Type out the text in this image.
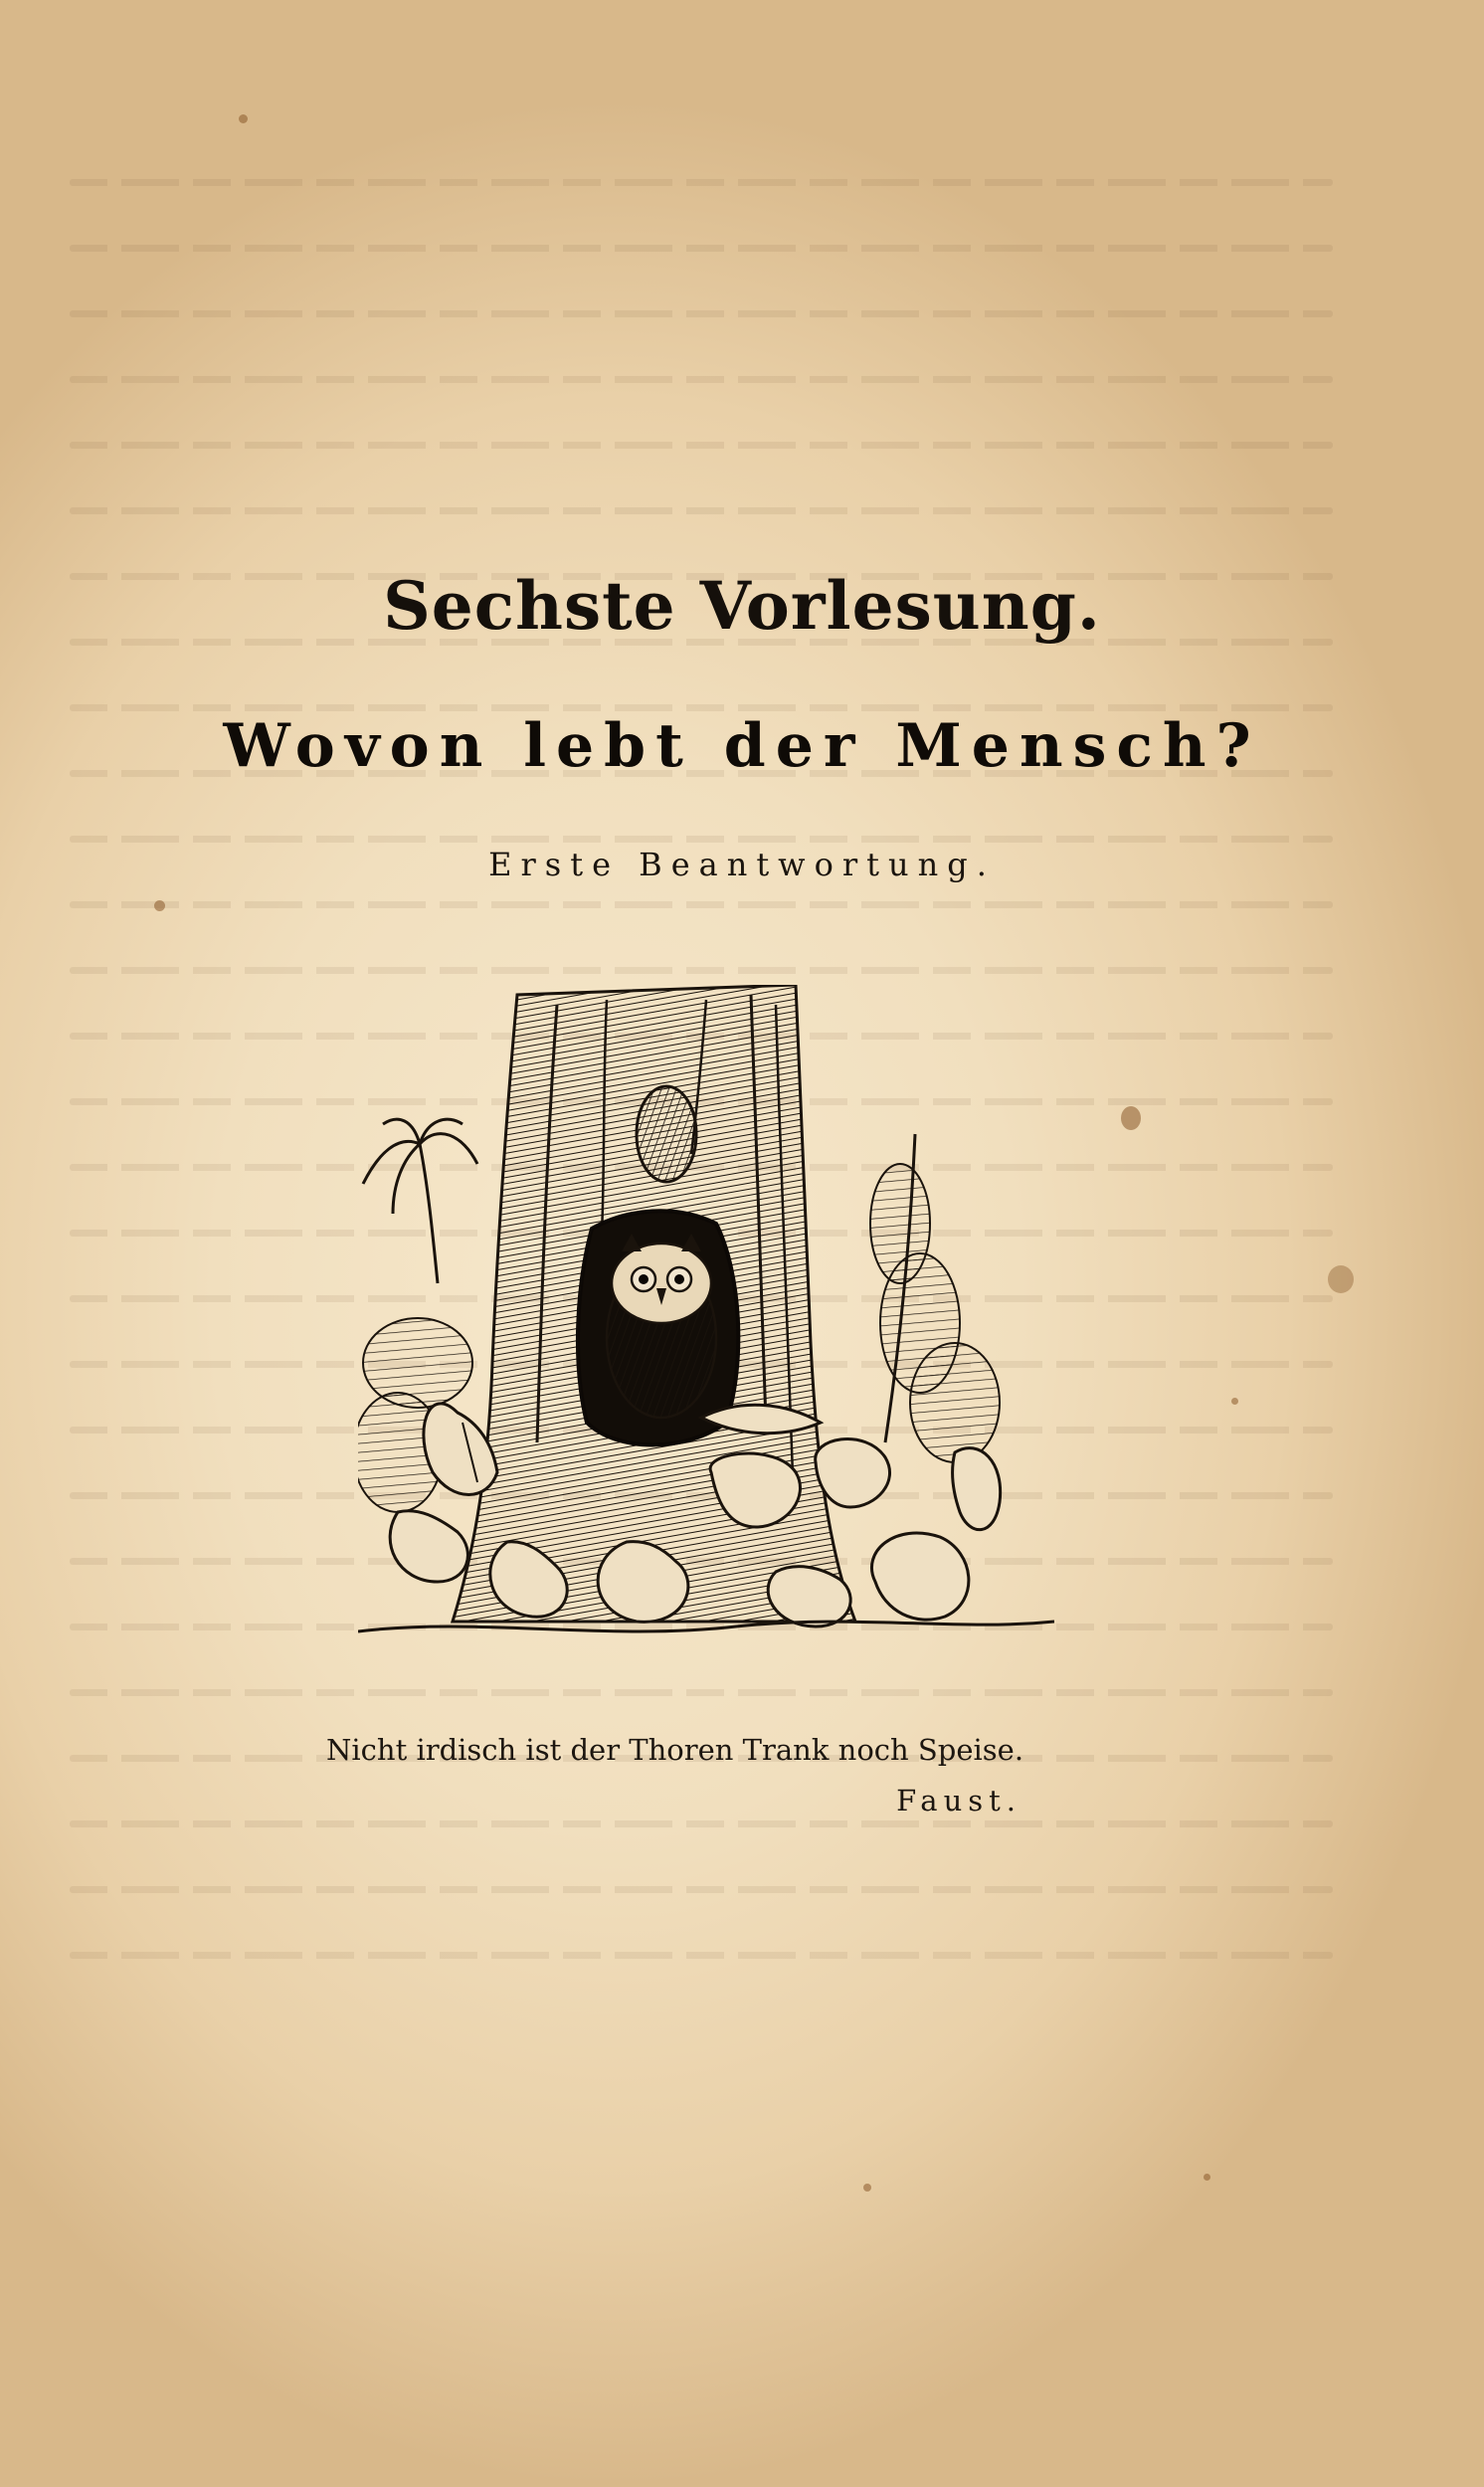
Sechste Vorlesung.
Wovon lebt der Mensch?
Erste Beantwortung.
Nicht irdisch ist der Thoren Trank noch Speise.
Faust.
